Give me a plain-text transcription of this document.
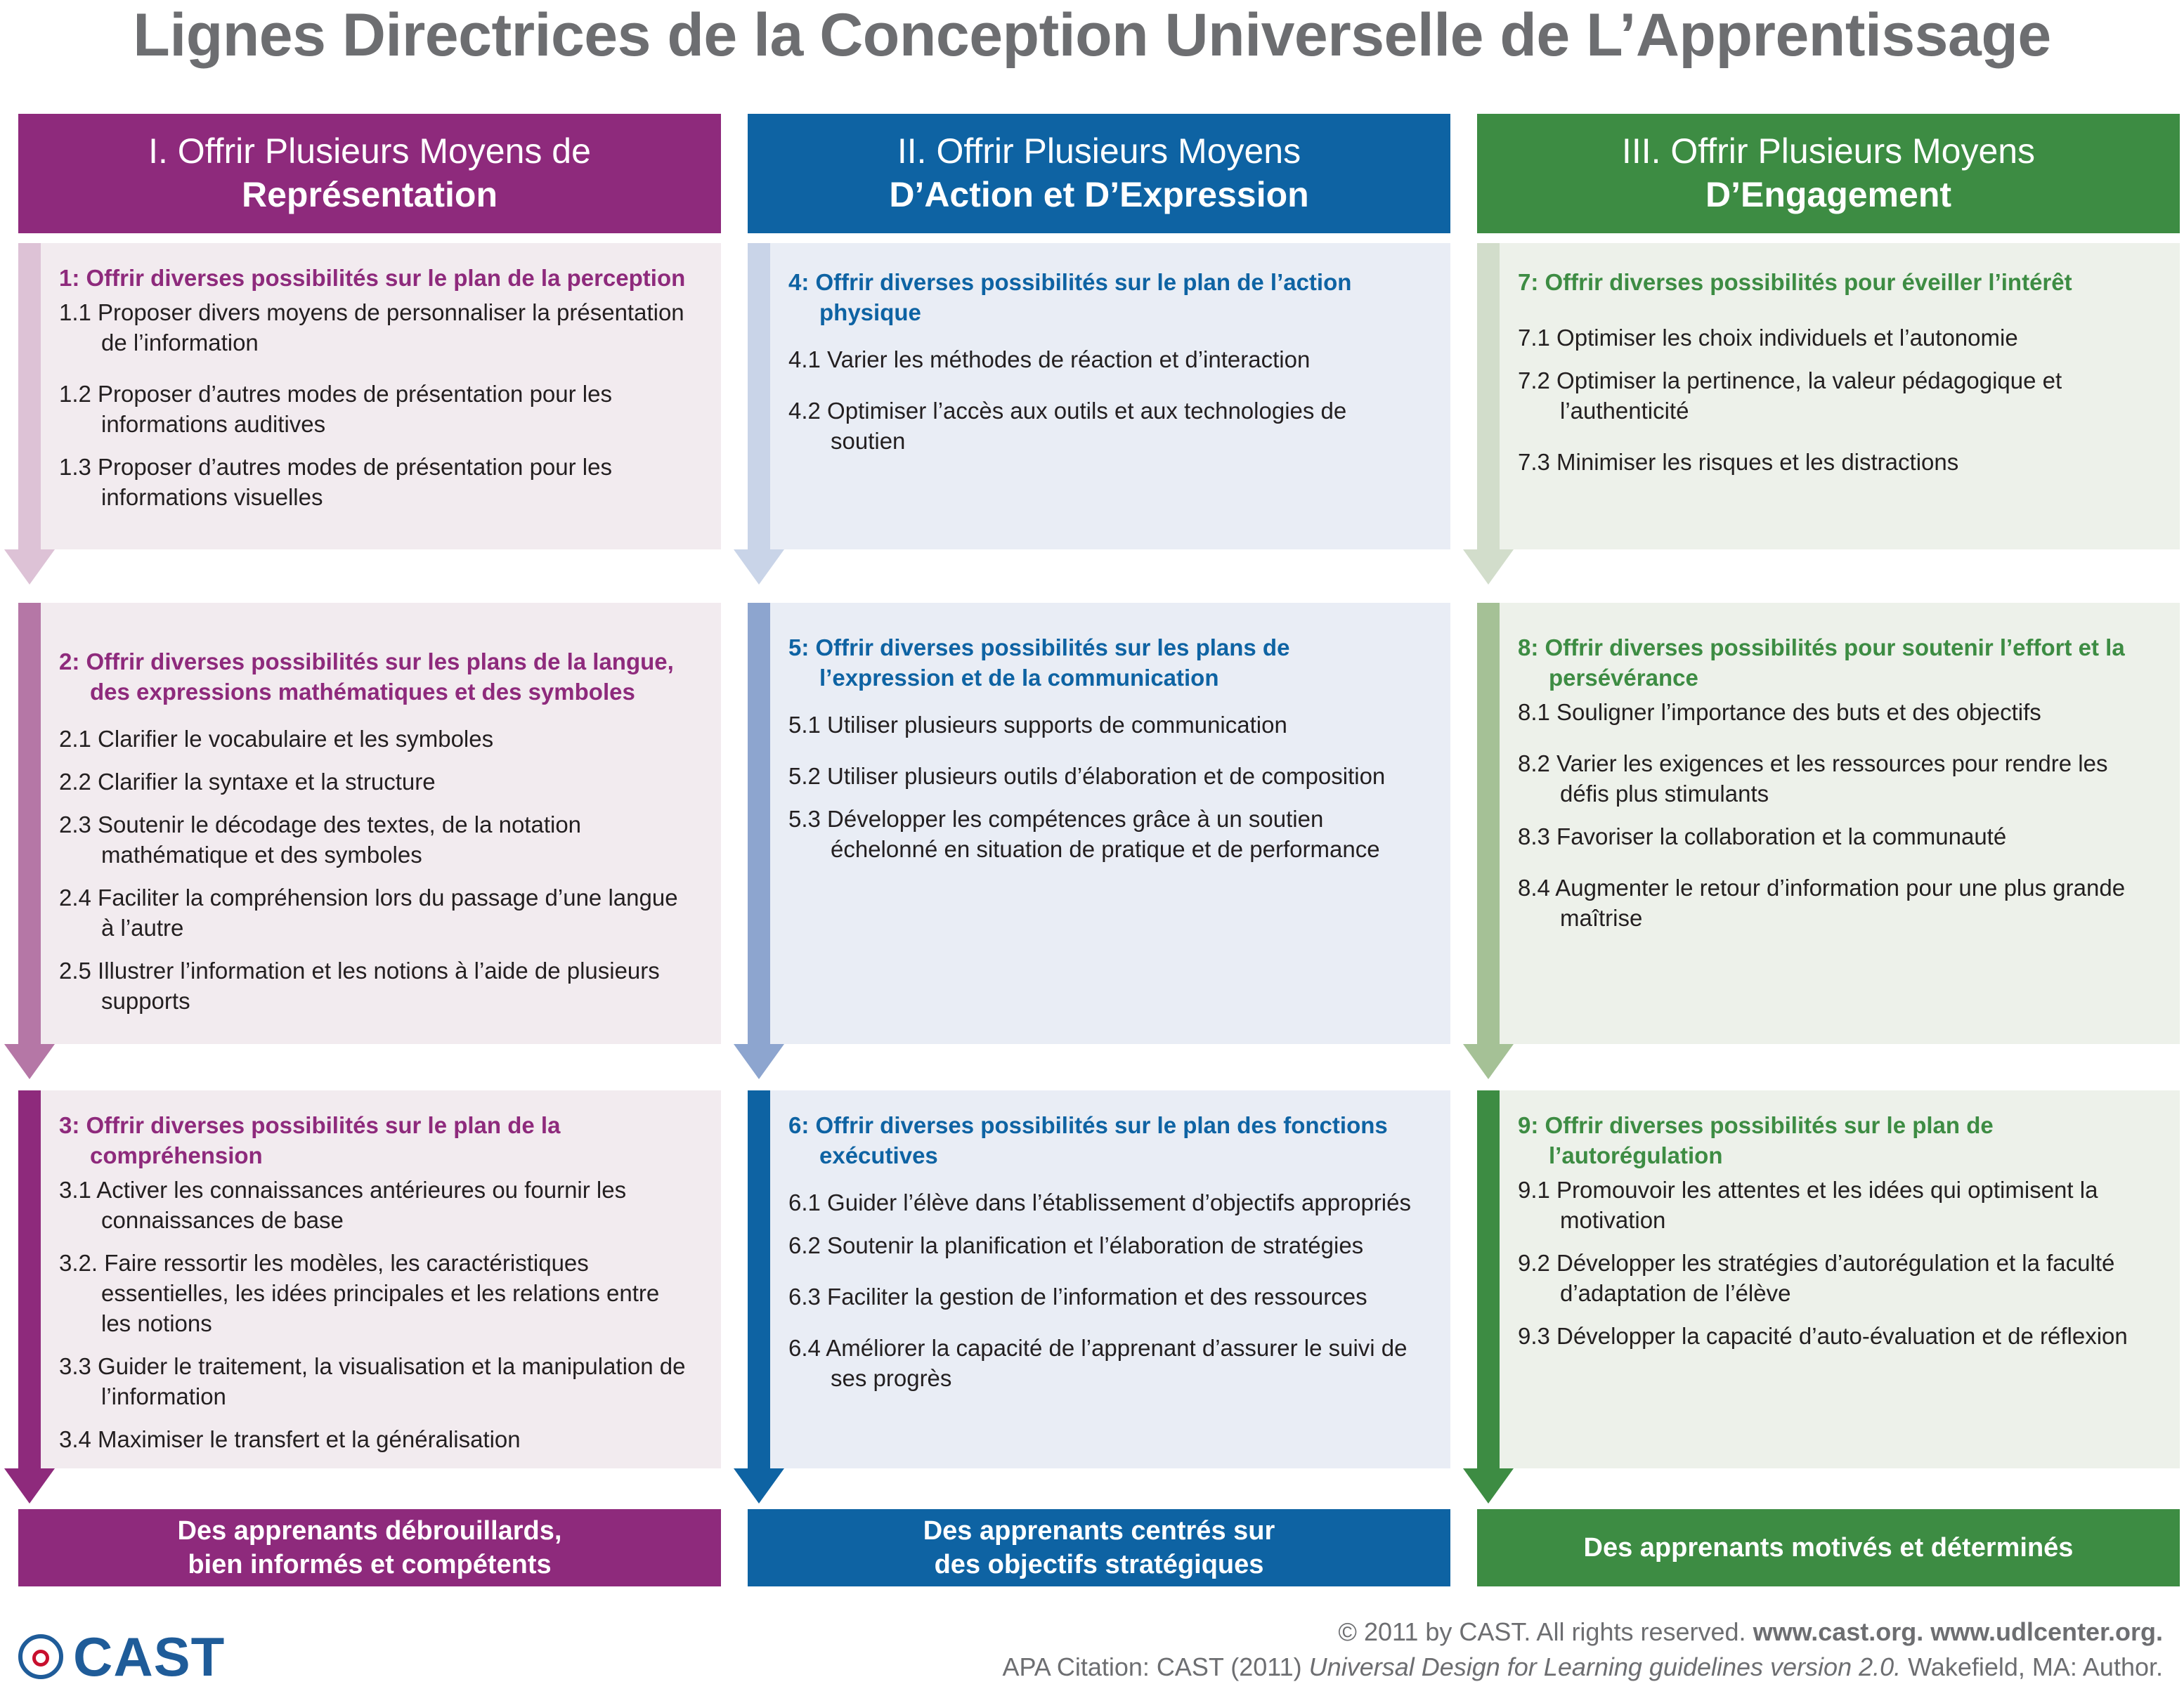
Lignes Directrices de la Conception Universelle de L’Apprentissage
I. Offrir Plusieurs Moyens de
Représentation

1: Offrir diverses possibilités sur le plan de la perception

1.1 Proposer divers moyens de personnaliser la présentation de l’information

1.2 Proposer d’autres modes de présentation pour les informations auditives

1.3 Proposer d’autres modes de présentation pour les informations visuelles

2: Offrir diverses possibilités sur les plans de la langue, des expressions mathématiques et des symboles

2.1 Clarifier le vocabulaire et les symboles

2.2 Clarifier la syntaxe et la structure

2.3 Soutenir le décodage des textes, de la notation mathématique et des symboles

2.4 Faciliter la compréhension lors du passage d’une langue à l’autre

2.5 Illustrer l’information et les notions à l’aide de plusieurs supports

3: Offrir diverses possibilités sur le plan de la compréhension

3.1 Activer les connaissances antérieures ou fournir les connaissances de base

3.2. Faire ressortir les modèles, les caractéristiques essentielles, les idées principales et les relations entre les notions

3.3 Guider le traitement, la visualisation et la manipulation de l’information

3.4 Maximiser le transfert et la généralisation

Des apprenants débrouillards,
bien informés et compétents
II. Offrir Plusieurs Moyens
D’Action et D’Expression

4: Offrir diverses possibilités sur le plan de l’action physique

4.1 Varier les méthodes de réaction et d’interaction

4.2 Optimiser l’accès aux outils et aux technologies de soutien

5: Offrir diverses possibilités sur les plans de l’expression et de la communication

5.1 Utiliser plusieurs supports de communication

5.2 Utiliser plusieurs outils d’élaboration et de composition

5.3 Développer les compétences grâce à un soutien échelonné en situation de pratique et de performance

6: Offrir diverses possibilités sur le plan des fonctions exécutives

6.1 Guider l’élève dans l’établissement d’objectifs appropriés

6.2 Soutenir la planification et l’élaboration de stratégies

6.3 Faciliter la gestion de l’information et des ressources

6.4 Améliorer la capacité de l’apprenant d’assurer le suivi de ses progrès

Des apprenants centrés sur
des objectifs stratégiques
III. Offrir Plusieurs Moyens
D’Engagement

7: Offrir diverses possibilités pour éveiller l’intérêt

7.1 Optimiser les choix individuels et l’autonomie

7.2 Optimiser la pertinence, la valeur pédagogique et l’authenticité

7.3 Minimiser les risques et les distractions

8: Offrir diverses possibilités pour soutenir l’effort et la persévérance

8.1 Souligner l’importance des buts et des objectifs

8.2 Varier les exigences et les ressources pour rendre les défis plus stimulants

8.3 Favoriser la collaboration et la communauté

8.4 Augmenter le retour d’information pour une plus grande maîtrise

9: Offrir diverses possibilités sur le plan de l’autorégulation

9.1 Promouvoir les attentes et les idées qui optimisent la motivation

9.2 Développer les stratégies d’autorégulation et la faculté d’adaptation de l’élève

9.3 Développer la capacité d’auto-évaluation et de réflexion

Des apprenants motivés et déterminés
CAST	© 2011 by CAST. All rights reserved. www.cast.org. www.udlcenter.org.
APA Citation: CAST (2011) Universal Design for Learning guidelines version 2.0. Wakefield, MA: Author.
